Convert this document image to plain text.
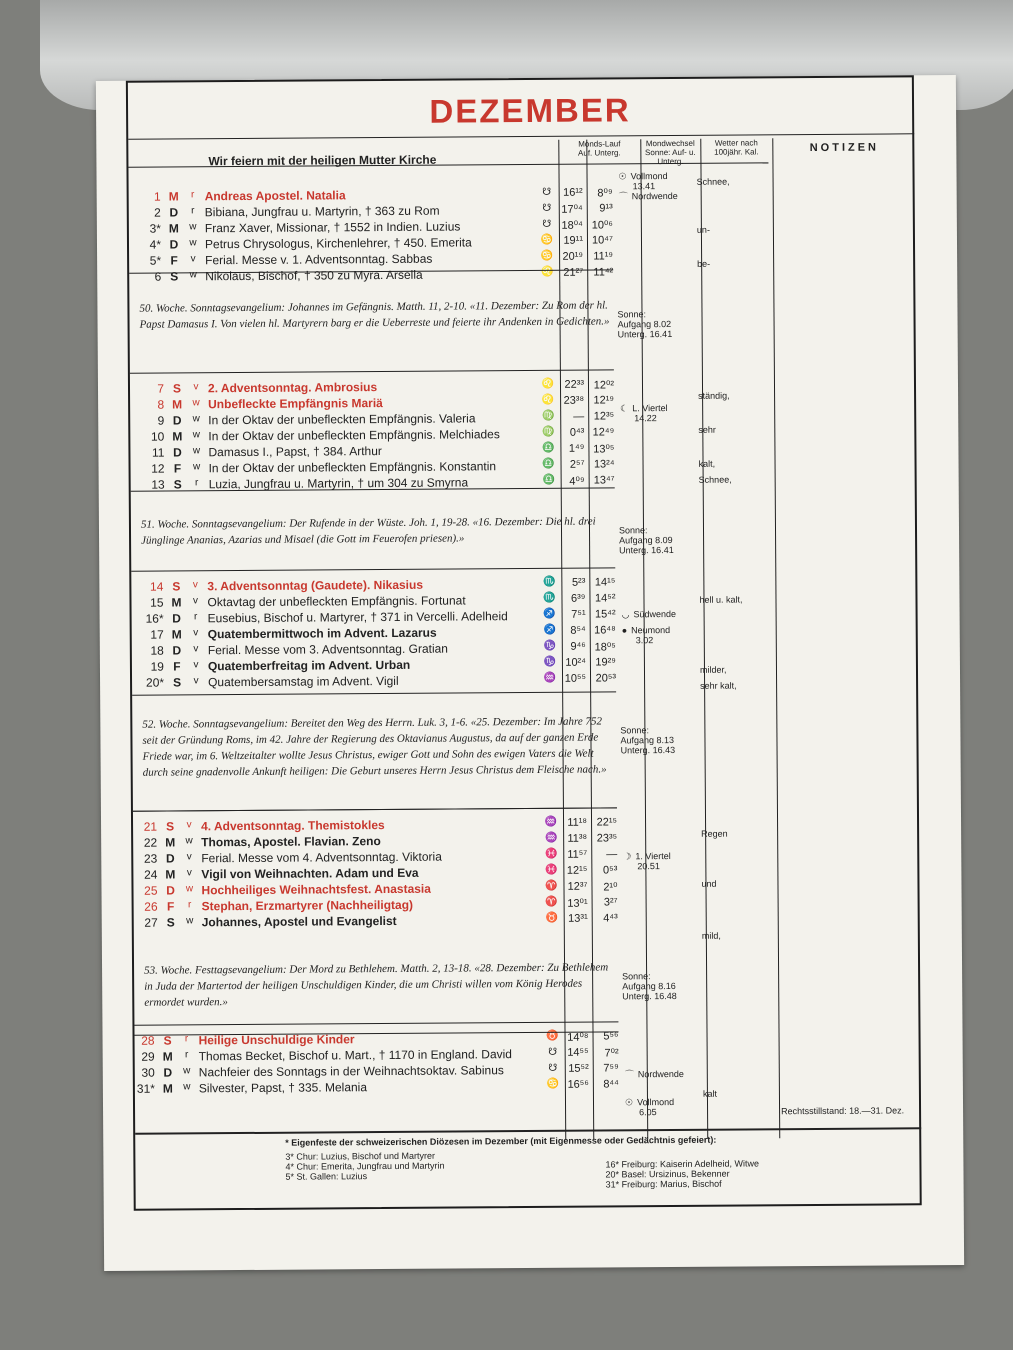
DEZEMBER
Wir feiern mit der heiligen Mutter Kirche
Monds-Lauf
Auf. Unterg.
Mondwechsel
Sonne: Auf- u. Unterg.
Wetter nach
100jähr. Kal.	NOTIZEN
1 M	r Andreas Apostel. Natalia	☋	16¹²	8⁰⁹
2 D	r Bibiana, Jungfrau u. Martyrin, † 363 zu Rom	☋ 17⁰⁴	9¹³
3* M w Franz Xaver, Missionar, † 1552 in Indien. Luzius	☋ 18⁰⁴ 10⁰⁶
4* D w Petrus Chrysologus, Kirchenlehrer, † 450. Emerita	♋ 19¹¹ 10⁴⁷
5* F	v Ferial. Messe v. 1. Adventsonntag. Sabbas	♋ 20¹⁹ 11¹⁹
6 S w Nikolaus, Bischof, † 350 zu Myra. Arsella	♌ 21²⁷ 11⁴²
50. Woche. Sonntagsevangelium: Johannes im Gefängnis. Matth. 11, 2-10. «11. Dezember: Zu Rom der hl. Papst Damasus I. Von vielen hl. Martyrern barg er die Ueberreste und feierte ihr Andenken in Gedichten.»
Sonne:
Aufgang 8.02
Unterg. 16.41
7 S	v 2. Adventsonntag. Ambrosius	♌ 22³³ 12⁰²
8 M w Unbefleckte Empfängnis Mariä	♌ 23³⁸ 12¹⁹
9 D w In der Oktav der unbefleckten Empfängnis. Valeria	♍	— 12³⁵
10 M w In der Oktav der unbefleckten Empfängnis. Melchiades	♍	0⁴³ 12⁴⁹
11 D w Damasus I., Papst, † 384. Arthur	♎	1⁴⁹ 13⁰⁵
12 F	w In der Oktav der unbefleckten Empfängnis. Konstantin	♎	2⁵⁷ 13²⁴
13 S	r Luzia, Jungfrau u. Martyrin, † um 304 zu Smyrna	♎	4⁰⁹ 13⁴⁷
51. Woche. Sonntagsevangelium: Der Rufende in der Wüste. Joh. 1, 19-28. «16. Dezember: Die hl. drei Jünglinge Ananias, Azarias und Misael (die Gott im Feuerofen priesen).»
Sonne:
Aufgang 8.09
Unterg. 16.41
14 S	v 3. Adventsonntag (Gaudete). Nikasius	♏	5²³ 14¹⁵
15 M	v Oktavtag der unbefleckten Empfängnis. Fortunat	♏	6³⁹ 14⁵²
16* D	r Eusebius, Bischof u. Martyrer, † 371 in Vercelli. Adelheid	♐	7⁵¹ 15⁴²
17 M	v Quatembermittwoch im Advent. Lazarus	♐	8⁵⁴ 16⁴⁸
18 D	v Ferial. Messe vom 3. Adventsonntag. Gratian	♑	9⁴⁶ 18⁰⁵
19 F	v Quatemberfreitag im Advent. Urban	♑ 10²⁴ 19²⁹
20* S	v Quatembersamstag im Advent. Vigil	♒ 10⁵⁵ 20⁵³
52. Woche. Sonntagsevangelium: Bereitet den Weg des Herrn. Luk. 3, 1-6. «25. Dezember: Im Jahre 752 seit der Gründung Roms, im 42. Jahre der Regierung des Oktavianus Augustus, da auf der ganzen Erde Friede war, im 6. Weltzeitalter wollte Jesus Christus, ewiger Gott und Sohn des ewigen Vaters die Welt durch seine gnadenvolle Ankunft heiligen: Die Geburt unseres Herrn Jesus Christus dem Fleische nach.»
Sonne:
Aufgang 8.13
Unterg. 16.43
21 S	v 4. Adventsonntag. Themistokles	♒ 11¹⁸ 22¹⁵
22 M w Thomas, Apostel. Flavian. Zeno	♒ 11³⁸ 23³⁵
23 D	v Ferial. Messe vom 4. Adventsonntag. Viktoria	♓ 11⁵⁷	—
24 M	v Vigil von Weihnachten. Adam und Eva	♓ 12¹⁵	0⁵³
25 D w Hochheiliges Weihnachtsfest. Anastasia	♈ 12³⁷	2¹⁰
26 F	r Stephan, Erzmartyrer (Nachheiligtag)	♈ 13⁰¹	3²⁷
27 S w Johannes, Apostel und Evangelist	♉ 13³¹	4⁴³
53. Woche. Festtagsevangelium: Der Mord zu Bethlehem. Matth. 2, 13-18. «28. Dezember: Zu Bethlehem in Juda der Martertod der heiligen Unschuldigen Kinder, die um Christi willen vom König Herodes ermordet wurden.»
Sonne:
Aufgang 8.16
Unterg. 16.48
28 S	r Heilige Unschuldige Kinder	♉ 14⁰⁸	5⁵⁶
29 M	r Thomas Becket, Bischof u. Mart., † 1170 in England. David	☋ 14⁵⁵	7⁰²
30 D w Nachfeier des Sonntags in der Weihnachtsoktav. Sabinus	☋	15⁵²	7⁵⁹
31* M w Silvester, Papst, † 335. Melania	♋ 16⁵⁶	8⁴⁴
☉ Vollmond
13.41
⌒ Nordwende
☾ L. Viertel
14.22
◡ Südwende
● Neumond
3.02
☽ 1. Viertel
20.51
⌒ Nordwende
☉ Vollmond
6.05
Schnee,
un-
be-
ständig,
sehr
kalt,
Schnee,
hell u. kalt,
milder,
sehr kalt,
Regen
und
mild,
kalt
Rechtsstillstand: 18.—31. Dez.
* Eigenfeste der schweizerischen Diözesen im Dezember (mit Eigenmesse oder Gedächtnis gefeiert):
3* Chur: Luzius, Bischof und Martyrer
4* Chur: Emerita, Jungfrau und Martyrin
5* St. Gallen: Luzius
16* Freiburg: Kaiserin Adelheid, Witwe
20* Basel: Ursizinus, Bekenner
31* Freiburg: Marius, Bischof
